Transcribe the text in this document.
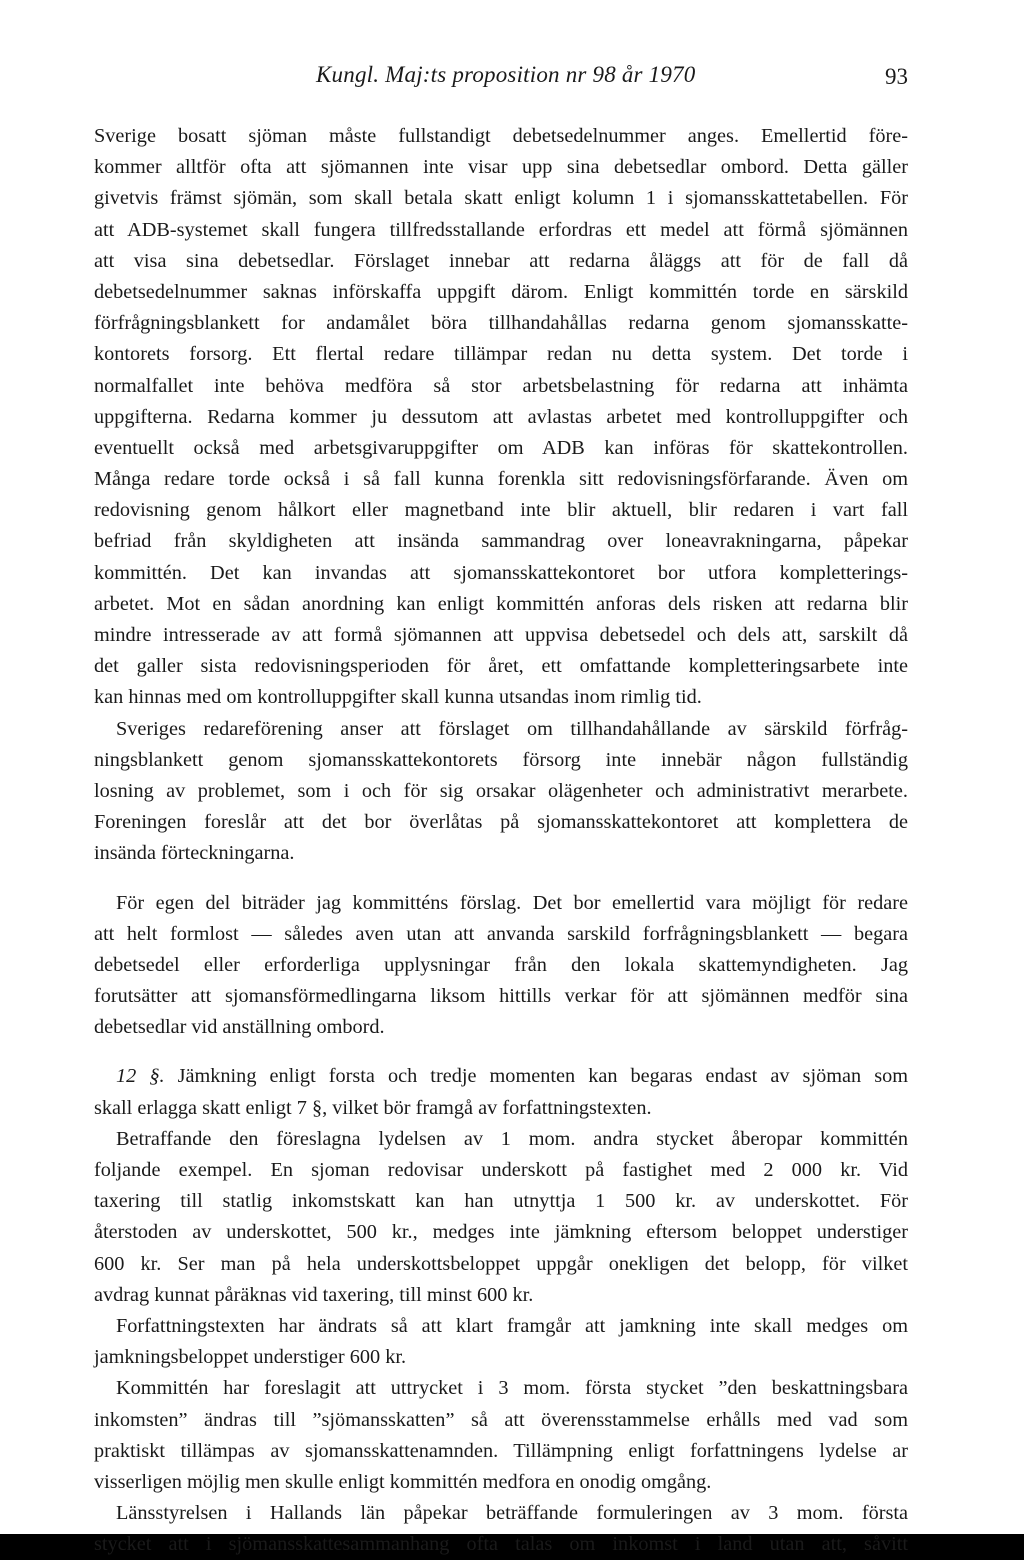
Kungl. Maj:ts proposition nr 98 år 1970	93
Sverige bosatt sjöman måste fullstandigt debetsedelnummer anges. Emellertid före-
kommer alltför ofta att sjömannen inte visar upp sina debetsedlar ombord. Detta gäller
givetvis främst sjömän, som skall betala skatt enligt kolumn 1 i sjomansskattetabellen. För
att ADB-systemet skall fungera tillfredsstallande erfordras ett medel att förmå sjömännen
att visa sina debetsedlar. Förslaget innebar att redarna åläggs att för de fall då
debetsedelnummer saknas införskaffa uppgift därom. Enligt kommittén torde en särskild
förfrågningsblankett for andamålet böra tillhandahållas redarna genom sjomansskatte-
kontorets forsorg. Ett flertal redare tillämpar redan nu detta system. Det torde i
normalfallet inte behöva medföra så stor arbetsbelastning för redarna att inhämta
uppgifterna. Redarna kommer ju dessutom att avlastas arbetet med kontrolluppgifter och
eventuellt också med arbetsgivaruppgifter om ADB kan införas för skattekontrollen.
Många redare torde också i så fall kunna forenkla sitt redovisningsförfarande. Även om
redovisning genom hålkort eller magnetband inte blir aktuell, blir redaren i vart fall
befriad från skyldigheten att insända sammandrag over loneavrakningarna, påpekar
kommittén. Det kan invandas att sjomansskattekontoret bor utfora kompletterings-
arbetet. Mot en sådan anordning kan enligt kommittén anforas dels risken att redarna blir
mindre intresserade av att formå sjömannen att uppvisa debetsedel och dels att, sarskilt då
det galler sista redovisningsperioden för året, ett omfattande kompletteringsarbete inte
kan hinnas med om kontrolluppgifter skall kunna utsandas inom rimlig tid.
Sveriges redareförening anser att förslaget om tillhandahållande av särskild förfråg-
ningsblankett genom sjomansskattekontorets försorg inte innebär någon fullständig
losning av problemet, som i och för sig orsakar olägenheter och administrativt merarbete.
Foreningen foreslår att det bor överlåtas på sjomansskattekontoret att komplettera de
insända förteckningarna.
För egen del biträder jag kommitténs förslag. Det bor emellertid vara möjligt för redare
att helt formlost — således aven utan att anvanda sarskild forfrågningsblankett — begara
debetsedel eller erforderliga upplysningar från den lokala skattemyndigheten. Jag
forutsätter att sjomansförmedlingarna liksom hittills verkar för att sjömännen medför sina
debetsedlar vid anställning ombord.
12 §. Jämkning enligt forsta och tredje momenten kan begaras endast av sjöman som
skall erlagga skatt enligt 7 §, vilket bör framgå av forfattningstexten.
Betraffande den föreslagna lydelsen av 1 mom. andra stycket åberopar kommittén
foljande exempel. En sjoman redovisar underskott på fastighet med 2 000 kr. Vid
taxering till statlig inkomstskatt kan han utnyttja 1 500 kr. av underskottet. För
återstoden av underskottet, 500 kr., medges inte jämkning eftersom beloppet understiger
600 kr. Ser man på hela underskottsbeloppet uppgår onekligen det belopp, för vilket
avdrag kunnat påräknas vid taxering, till minst 600 kr.
Forfattningstexten har ändrats så att klart framgår att jamkning inte skall medges om
jamkningsbeloppet understiger 600 kr.
Kommittén har foreslagit att uttrycket i 3 mom. första stycket ”den beskattningsbara
inkomsten” ändras till ”sjömansskatten” så att överensstammelse erhålls med vad som
praktiskt tillämpas av sjomansskattenamnden. Tillämpning enligt forfattningens lydelse ar
visserligen möjlig men skulle enligt kommittén medfora en onodig omgång.
Länsstyrelsen i Hallands län påpekar beträffande formuleringen av 3 mom. första
stycket att i sjömansskattesammanhang ofta talas om inkomst i land utan att, såvitt
